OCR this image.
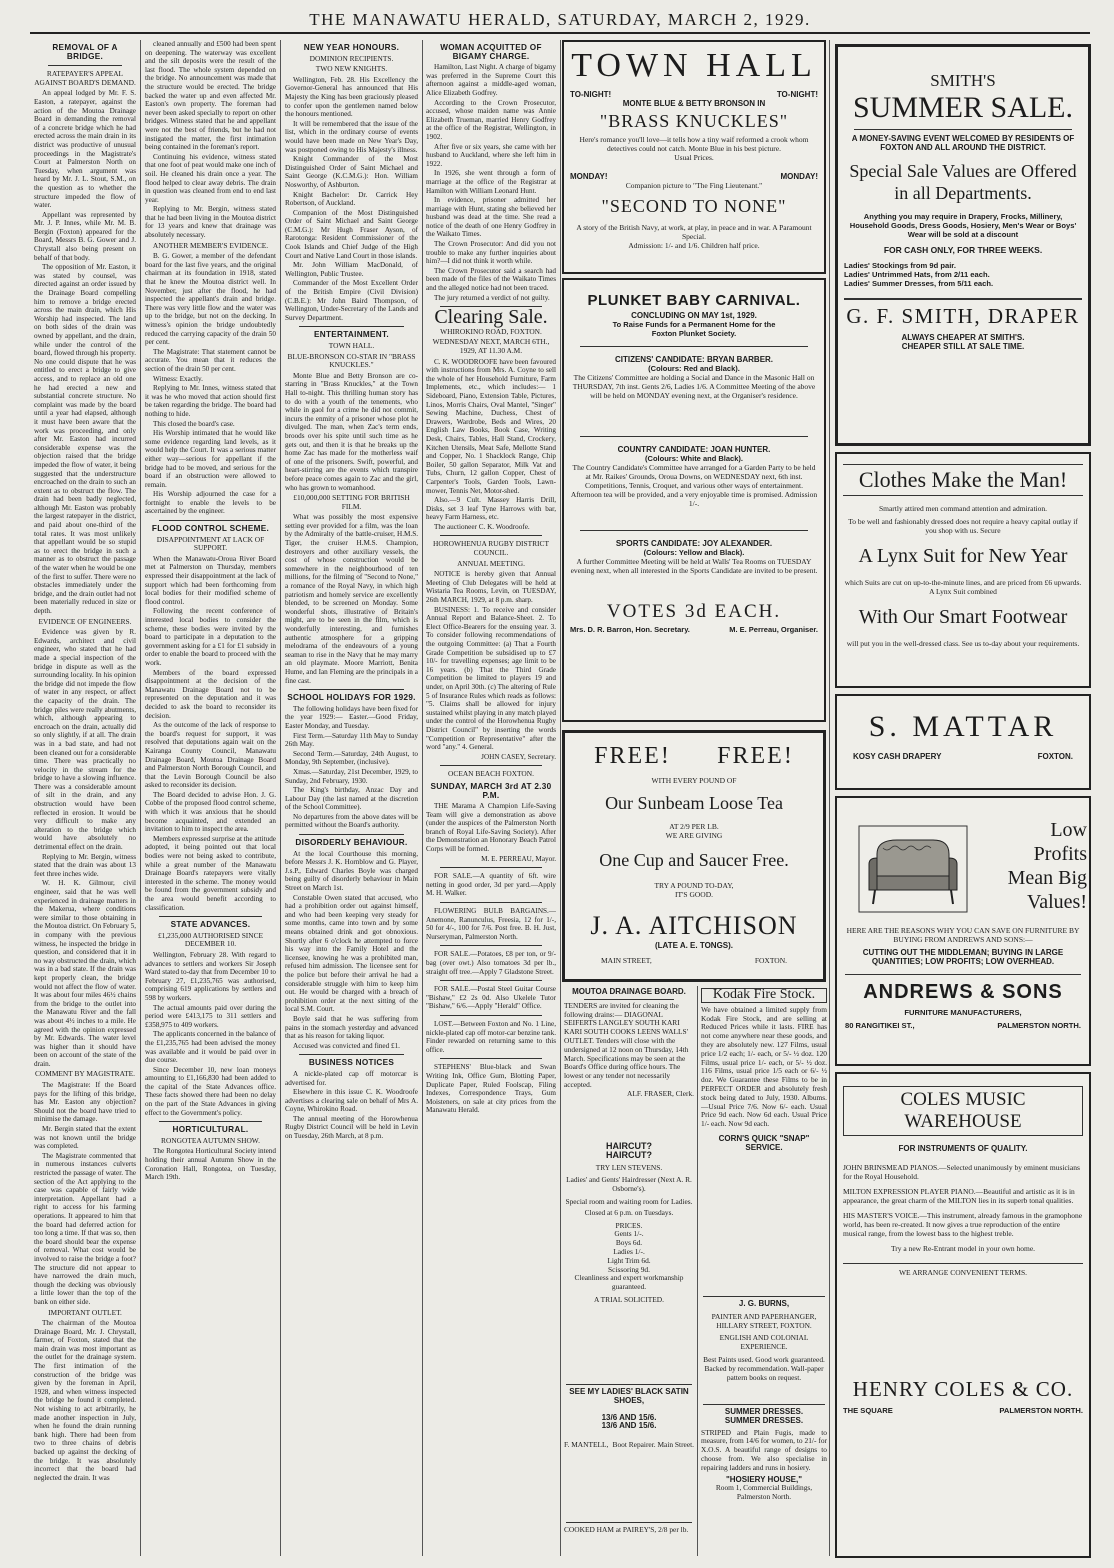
THE MANAWATU HERALD, SATURDAY, MARCH 2, 1929.
REMOVAL OF A BRIDGE.
RATEPAYER'S APPEAL AGAINST BOARD'S DEMAND.

An appeal lodged by Mr. F. S. Easton, a ratepayer, against the action of the Moutoa Drainage Board in demanding the removal of a concrete bridge which he had erected across the main drain in its district was productive of unusual proceedings in the Magistrate's Court at Palmerston North on Tuesday, when argument was heard by Mr. J. L. Stout, S.M., on the question as to whether the structure impeded the flow of water.

Appellant was represented by Mr. J. P. Innes, while Mr. M. B. Bergin (Foxton) appeared for the Board, Messrs B. G. Gower and J. Chrystall also being present on behalf of that body.

The opposition of Mr. Easton, it was stated by counsel, was directed against an order issued by the Drainage Board compelling him to remove a bridge erected across the main drain, which His Worship had inspected. The land on both sides of the drain was owned by appellant, and the drain, while under the control of the board, flowed through his property. No one could dispute that he was entitled to erect a bridge to give access, and to replace an old one he had erected a new and substantial concrete structure. No complaint was made by the board until a year had elapsed, although it must have been aware that the work was proceeding, and only after Mr. Easton had incurred considerable expense was the objection raised that the bridge impeded the flow of water, it being suggested that the understructure encroached on the drain to such an extent as to obstruct the flow. The drain had been badly neglected, although Mr. Easton was probably the largest ratepayer in the district, and paid about one-third of the total rates. It was most unlikely that appellant would be so stupid as to erect the bridge in such a manner as to obstruct the passage of the water when he would be one of the first to suffer. There were no obstacles immediately under the bridge, and the drain outlet had not been materially reduced in size or depth.

EVIDENCE OF ENGINEERS.

Evidence was given by R. Edwards, architect and civil engineer, who stated that he had made a special inspection of the bridge in dispute as well as the surrounding locality. In his opinion the bridge did not impede the flow of water in any respect, or affect the capacity of the drain. The bridge piles were really abutments, which, although appearing to encroach on the drain, actually did so only slightly, if at all. The drain was in a bad state, and had not been cleaned out for a considerable time. There was practically no velocity in the stream for the bridge to have a slowing influence. There was a considerable amount of silt in the drain, and any obstruction would have been reflected in erosion. It would be very difficult to make any alteration to the bridge which would have absolutely no detrimental effect on the drain.

Replying to Mr. Bergin, witness stated that the drain was about 13 feet three inches wide.

W. H. K. Gilmour, civil engineer, said that he was well experienced in drainage matters in the Makerua, where conditions were similar to those obtaining in the Moutoa district. On February 5, in company with the previous witness, he inspected the bridge in question, and considered that it in no way obstructed the drain, which was in a bad state. If the drain was kept properly clean, the bridge would not affect the flow of water. It was about four miles 46½ chains from the bridge to the outlet into the Manawatu River and the fall was about 4½ inches to a mile. He agreed with the opinion expressed by Mr. Edwards. The water level was higher than it should have been on account of the state of the drain.

COMMENT BY MAGISTRATE.

The Magistrate: If the Board pays for the lifting of this bridge, has Mr. Easton any objection? Should not the board have tried to minimise the damage.

Mr. Bergin stated that the extent was not known until the bridge was completed.

The Magistrate commented that in numerous instances culverts restricted the passage of water. The section of the Act applying to the case was capable of fairly wide interpretation. Appellant had a right to access for his farming operations. It appeared to him that the board had deferred action for too long a time. If that was so, then the board should bear the expense of removal. What cost would be involved to raise the bridge a foot? The structure did not appear to have narrowed the drain much, though the decking was obviously a little lower than the top of the bank on either side.

IMPORTANT OUTLET.

The chairman of the Moutoa Drainage Board, Mr. J. Chrystall, farmer, of Foxton, stated that the main drain was most important as the outlet for the drainage system. The first intimation of the construction of the bridge was given by the foreman in April, 1928, and when witness inspected the bridge he found it completed. Not wishing to act arbitrarily, he made another inspection in July, when he found the drain running bank high. There had been from two to three chains of debris backed up against the decking of the bridge. It was absolutely incorrect that the board had neglected the drain. It was

cleaned annually and £500 had been spent on deepening. The waterway was excellent and the silt deposits were the result of the last flood. The whole system depended on the bridge. No announcement was made that the structure would be erected. The bridge backed the water up and even affected Mr. Easton's own property. The foreman had never been asked specially to report on other bridges. Witness stated that he and appellant were not the best of friends, but he had not instigated the matter, the first intimation being contained in the foreman's report.

Continuing his evidence, witness stated that one foot of peat would make one inch of soil. He cleaned his drain once a year. The flood helped to clear away debris. The drain in question was cleaned from end to end last year.

Replying to Mr. Bergin, witness stated that he had been living in the Moutoa district for 13 years and knew that drainage was absolutely necessary.

ANOTHER MEMBER'S EVIDENCE.

B. G. Gower, a member of the defendant board for the last five years, and the original chairman at its foundation in 1918, stated that he knew the Moutoa district well. In November, just after the flood, he had inspected the appellant's drain and bridge. There was very little flow and the water was up to the bridge, but not on the decking. In witness's opinion the bridge undoubtedly reduced the carrying capacity of the drain 50 per cent.

The Magistrate: That statement cannot be accurate. You mean that it reduces the section of the drain 50 per cent.

Witness: Exactly.

Replying to Mr. Innes, witness stated that it was he who moved that action should first be taken regarding the bridge. The board had nothing to hide.

This closed the board's case.

His Worship intimated that he would like some evidence regarding land levels, as it would help the Court. It was a serious matter either way—serious for appellant if the bridge had to be moved, and serious for the board if an obstruction were allowed to remain.

His Worship adjourned the case for a fortnight to enable the levels to be ascertained by the engineer.

FLOOD CONTROL SCHEME.
DISAPPOINTMENT AT LACK OF SUPPORT.

When the Manawatu-Oroua River Board met at Palmerston on Thursday, members expressed their disappointment at the lack of support which had been forthcoming from local bodies for their modified scheme of flood control.

Following the recent conference of interested local bodies to consider the scheme, these bodies were invited by the board to participate in a deputation to the government asking for a £1 for £1 subsidy in order to enable the board to proceed with the work.

Members of the board expressed disappointment at the decision of the Manawatu Drainage Board not to be represented on the deputation and it was decided to ask the board to reconsider its decision.

As the outcome of the lack of response to the board's request for support, it was resolved that deputations again wait on the Kairanga County Council, Manawatu Drainage Board, Moutoa Drainage Board and Palmerston North Borough Council, and that the Levin Borough Council be also asked to reconsider its decision.

The Board decided to advise Hon. J. G. Cobbe of the proposed flood control scheme, with which it was anxious that he should become acquainted, and extended an invitation to him to inspect the area.

Members expressed surprise at the attitude adopted, it being pointed out that local bodies were not being asked to contribute, while a great number of the Manawatu Drainage Board's ratepayers were vitally interested in the scheme. The money would be found from the government subsidy and the area would benefit according to classification.

STATE ADVANCES.
£1,235,000 AUTHORISED SINCE DECEMBER 10.

Wellington, February 28. With regard to advances to settlers and workers Sir Joseph Ward stated to-day that from December 10 to February 27, £1,235,765 was authorised, comprising 619 applications by settlers and 598 by workers.

The actual amounts paid over during the period were £413,175 to 311 settlers and £358,975 to 409 workers.

The applicants concerned in the balance of the £1,235,765 had been advised the money was available and it would be paid over in due course.

Since December 10, new loan moneys amounting to £1,166,830 had been added to the capital of the State Advances office. These facts showed there had been no delay on the part of the State Advances in giving effect to the Government's policy.

HORTICULTURAL.
RONGOTEA AUTUMN SHOW.

The Rongotea Horticultural Society intend holding their annual Autumn Show in the Coronation Hall, Rongotea, on Tuesday, March 19th.

NEW YEAR HONOURS.
DOMINION RECIPIENTS.
TWO NEW KNIGHTS.

Wellington, Feb. 28. His Excellency the Governor-General has announced that His Majesty the King has been graciously pleased to confer upon the gentlemen named below the honours mentioned.

It will be remembered that the issue of the list, which in the ordinary course of events would have been made on New Year's Day, was postponed owing to His Majesty's illness.

Knight Commander of the Most Distinguished Order of Saint Michael and Saint George (K.C.M.G.): Hon. William Nosworthy, of Ashburton.

Knight Bachelor: Dr. Carrick Hey Robertson, of Auckland.

Companion of the Most Distinguished Order of Saint Michael and Saint George (C.M.G.): Mr Hugh Fraser Ayson, of Rarotonga: Resident Commissioner of the Cook Islands and Chief Judge of the High Court and Native Land Court in those islands.

Mr. John William MacDonald, of Wellington, Public Trustee.

Commander of the Most Excellent Order of the British Empire (Civil Division) (C.B.E.): Mr John Baird Thompson, of Wellington, Under-Secretary of the Lands and Survey Department.

ENTERTAINMENT.
TOWN HALL.
BLUE-BRONSON CO-STAR IN "BRASS KNUCKLES."

Monte Blue and Betty Bronson are co-starring in "Brass Knuckles," at the Town Hall to-night. This thrilling human story has to do with a youth of the tenements, who while in gaol for a crime he did not commit, incurs the enmity of a prisoner whose plot he divulged. The man, when Zac's term ends, broods over his spite until such time as he gets out, and then it is that he breaks up the home Zac has made for the motherless waif of one of the prisoners. Swift, powerful, and heart-stirring are the events which transpire before peace comes again to Zac and the girl, who has grown to womanhood.

£10,000,000 SETTING FOR BRITISH FILM.

What was possibly the most expensive setting ever provided for a film, was the loan by the Admiralty of the battle-cruiser, H.M.S. Tiger, the cruiser H.M.S. Champion, destroyers and other auxiliary vessels, the cost of whose construction would be somewhere in the neighbourhood of ten millions, for the filming of "Second to None," a romance of the Royal Navy, in which high patriotism and homely service are excellently blended, to be screened on Monday. Some wonderful shots, illustrative of Britain's might, are to be seen in the film, which is wonderfully interesting, and furnishes authentic atmosphere for a gripping melodrama of the endeavours of a young seaman to rise in the Navy that he may marry an old playmate. Moore Marriott, Benita Hume, and Ian Fleming are the principals in a fine cast.

SCHOOL HOLIDAYS FOR 1929.

The following holidays have been fixed for the year 1929:— Easter.—Good Friday, Easter Monday, and Tuesday.

First Term.—Saturday 11th May to Sunday 26th May.

Second Term.—Saturday, 24th August, to Monday, 9th September, (inclusive).

Xmas.—Saturday, 21st December, 1929, to Sunday, 2nd February, 1930.

The King's birthday, Anzac Day and Labour Day (the last named at the discretion of the School Committee).

No departures from the above dates will be permitted without the Board's authority.

DISORDERLY BEHAVIOUR.

At the local Courthouse this morning, before Messrs J. K. Hornblow and G. Player, J.s.P., Edward Charles Boyle was charged being guilty of disorderly behaviour in Main Street on March 1st.

Constable Owen stated that accused, who had a prohibition order out against himself, and who had been keeping very steady for some months, came into town and by some means obtained drink and got obnoxious. Shortly after 6 o'clock he attempted to force his way into the Family Hotel and the licensee, knowing he was a prohibited man, refused him admission. The licensee sent for the police but before their arrival he had a considerable struggle with him to keep him out. He would be charged with a breach of prohibition order at the next sitting of the local S.M. Court.

Boyle said that he was suffering from pains in the stomach yesterday and advanced that as his reason for taking liquor.

Accused was convicted and fined £1.

BUSINESS NOTICES

A nickle-plated cap off motorcar is advertised for.

Elsewhere in this issue C. K. Woodroofe advertises a clearing sale on behalf of Mrs A. Coyne, Whirokino Road.

The annual meeting of the Horowhenua Rugby District Council will be held in Levin on Tuesday, 26th March, at 8 p.m.

WOMAN ACQUITTED OF BIGAMY CHARGE.

Hamilton, Last Night. A charge of bigamy was preferred in the Supreme Court this afternoon against a middle-aged woman, Alice Elizabeth Godfrey.

According to the Crown Prosecutor, accused, whose maiden name was Annie Elizabeth Trueman, married Henry Godfrey at the office of the Registrar, Wellington, in 1902.

After five or six years, she came with her husband to Auckland, where she left him in 1922.

In 1926, she went through a form of marriage at the office of the Registrar at Hamilton with William Leonard Hunt.

In evidence, prisoner admitted her marriage with Hunt, stating she believed her husband was dead at the time. She read a notice of the death of one Henry Godfrey in the Waikato Times.

The Crown Prosecutor: And did you not trouble to make any further inquiries about him?—I did not think it worth while.

The Crown Prosecutor said a search had been made of the files of the Waikato Times and the alleged notice had not been traced.

The jury returned a verdict of not guilty.

Clearing Sale.
WHIROKINO ROAD, FOXTON.
WEDNESDAY NEXT, MARCH 6TH., 1929, AT 11.30 A.M.

C. K. WOODROOFE have been favoured with instructions from Mrs. A. Coyne to sell the whole of her Household Furniture, Farm Implements, etc., which includes:— 1 Sideboard, Piano, Extension Table, Pictures, Linos, Morris Chairs, Oval Mantel, "Singer" Sewing Machine, Duchess, Chest of Drawers, Wardrobe, Beds and Wires, 20 English Law Books, Book Case, Writing Desk, Chairs, Tables, Hall Stand, Crockery, Kitchen Utensils, Meat Safe, Mellotte Stand and Copper, No. 1 Shacklock Range, Chip Boiler, 50 gallon Separator, Milk Vat and Tubs, Churn, 12 gallon Copper, Chest of Carpenter's Tools, Garden Tools, Lawn-mower, Tennis Net, Motor-shed.

Also.—9 Cult. Massey Harris Drill, Disks, set 3 leaf Tyne Harrows with bar, heavy Farm Harness, etc.

The auctioneer C. K. Woodroofe.

HOROWHENUA RUGBY DISTRICT COUNCIL.
ANNUAL MEETING.

NOTICE is hereby given that Annual Meeting of Club Delegates will be held at Wistaria Tea Rooms, Levin, on TUESDAY, 26th MARCH, 1929, at 8 p.m. sharp.

BUSINESS: 1. To receive and consider Annual Report and Balance-Sheet. 2. To Elect Office-Bearers for the ensuing year. 3. To consider following recommendations of the outgoing Committee: (a) That a Fourth Grade Competition be subsidised up to £7 10/- for travelling expenses; age limit to be 16 years. (b) That the Third Grade Competition be limited to players 19 and under, on April 30th. (c) The altering of Rule 5 of Insurance Rules which reads as follows: "5. Claims shall be allowed for injury sustained whilst playing in any match played under the control of the Horowhenua Rugby District Council" by inserting the words "Competition or Representative" after the word "any." 4. General.

JOHN CASEY, Secretary.

OCEAN BEACH FOXTON.
SUNDAY, MARCH 3rd AT 2.30 P.M.

THE Marama A Champion Life-Saving Team will give a demonstration as above (under the auspices of the Palmerston North branch of Royal Life-Saving Society). After the Demonstration an Honorary Beach Patrol Corps will be formed.

M. E. PERREAU, Mayor.

FOR SALE.—A quantity of 6ft. wire netting in good order, 3d per yard.—Apply M. H. Walker.

FLOWERING BULB BARGAINS.—Anemone, Ranunculus, Freesia, 12 for 1/-, 50 for 4/-, 100 for 7/6. Post free. B. H. Just, Nurseryman, Palmerston North.

FOR SALE.—Potatoes, £8 per ton, or 9/- bag (over owt.) Also tomatoes 3d per lb., straight off tree.—Apply 7 Gladstone Street.

FOR SALE.—Postal Steel Guitar Course "Bishaw," £2 2s 0d. Also Ukelele Tutor "Bishaw," 6/6.—Apply "Herald" Office.

LOST.—Between Foxton and No. 1 Line, nickle-plated cap off motor-car benzine tank. Finder rewarded on returning same to this office.

STEPHENS' Blue-black and Swan Writing Ink, Office Gum, Blotting Paper, Duplicate Paper, Ruled Foolscap, Filing Indexes, Correspondence Trays, Gum Moisteners, on sale at city prices from the Manawatu Herald.

TOWN HALL
TO-NIGHT!	TO-NIGHT!
MONTE BLUE & BETTY BRONSON IN
"BRASS KNUCKLES"
Here's romance you'll love—it tells how a tiny waif reformed a crook whom detectives could not catch. Monte Blue in his best picture.
Usual Prices.
MONDAY!	MONDAY!
Companion picture to "The Fing Lieutenant."
"SECOND TO NONE"
A story of the British Navy, at work, at play, in peace and in war. A Paramount Special.
Admission: 1/- and 1/6. Children half price.
PLUNKET BABY CARNIVAL.
CONCLUDING ON MAY 1st, 1929.
To Raise Funds for a Permanent Home for the Foxton Plunket Society.
CITIZENS' CANDIDATE: BRYAN BARBER.
(Colours: Red and Black).
The Citizens' Committee are holding a Social and Dance in the Masonic Hall on THURSDAY, 7th inst. Gents 2/6, Ladies 1/6. A Committee Meeting of the above will be held on MONDAY evening next, at the Organiser's residence.
COUNTRY CANDIDATE: JOAN HUNTER.
(Colours: White and Black).
The Country Candidate's Committee have arranged for a Garden Party to be held at Mr. Raikes' Grounds, Oroua Downs, on WEDNESDAY next, 6th inst. Competitions, Tennis, Croquet, and various other ways of entertainment. Afternoon tea will be provided, and a very enjoyable time is promised. Admission 1/-.
SPORTS CANDIDATE: JOY ALEXANDER.
(Colours: Yellow and Black).
A further Committee Meeting will be held at Walls' Tea Rooms on TUESDAY evening next, when all interested in the Sports Candidate are invited to be present.
VOTES 3d EACH.
Mrs. D. R. Barron, Hon. Secretary.	M. E. Perreau, Organiser.
FREE! FREE!
WITH EVERY POUND OF
Our Sunbeam Loose Tea
AT 2/9 PER LB.
WE ARE GIVING
One Cup and Saucer Free.
TRY A POUND TO-DAY,
IT'S GOOD.
J. A. AITCHISON
(LATE A. E. TONGS).
MAIN STREET,	FOXTON.
MOUTOA DRAINAGE BOARD.
TENDERS are invited for cleaning the following drains:— DIAGONAL SEIFERTS LANGLEY SOUTH KARI KARI SOUTH COOKS LEENS WALLS' OUTLET. Tenders will close with the undersigned at 12 noon on Thursday, 14th March. Specifications may be seen at the Board's Office during office hours. The lowest or any tender not necessarily accepted.
ALF. FRASER, Clerk.
HAIRCUT?
HAIRCUT?
TRY LEN STEVENS.
Ladies' and Gents' Hairdresser (Next A. R. Osborne's).
Special room and waiting room for Ladies.
Closed at 6 p.m. on Tuesdays.
PRICES.
Gents 1/-.
Boys 6d.
Ladies 1/-.
Light Trim 6d.
Scissoring 9d.
Cleanliness and expert workmanship guaranteed.
A TRIAL SOLICITED.
SEE MY LADIES' BLACK SATIN SHOES,
13/6 AND 15/6.
13/6 AND 15/6.
F. MANTELL, Boot Repairer. Main Street.
COOKED HAM at PAIREY'S, 2/8 per lb.
Kodak Fire Stock.
We have obtained a limited supply from Kodak Fire Stock, and are selling at Reduced Prices while it lasts. FIRE has not come anywhere near these goods, and they are absolutely new. 127 Films, usual price 1/2 each; 1/- each, or 5/- ½ doz. 120 Films, usual price 1/- each, or 5/- ½ doz. 116 Films, usual price 1/5 each or 6/- ½ doz. We Guarantee these Films to be in PERFECT ORDER and absolutely fresh stock being dated to July, 1930. Albums.—Usual Price 7/6. Now 6/- each. Usual Price 9d each. Now 6d each. Usual Price 1/- each. Now 9d each.
CORN'S QUICK "SNAP" SERVICE.
J. G. BURNS,
PAINTER AND PAPERHANGER, HILLARY STREET, FOXTON.
ENGLISH AND COLONIAL EXPERIENCE.
Best Paints used. Good work guaranteed. Backed by recommendation. Wall-paper pattern books on request.
SUMMER DRESSES.
SUMMER DRESSES.
STRIPED and Plain Fugis, made to measure, from 14/6 for women, to 21/- for X.O.S. A beautiful range of designs to choose from. We also specialise in repairing ladders and runs in hosiery.
"HOSIERY HOUSE,"
Room 1, Commercial Buildings, Palmerston North.
SMITH'S
SUMMER SALE.
A MONEY-SAVING EVENT WELCOMED BY RESIDENTS OF FOXTON AND ALL AROUND THE DISTRICT.
Special Sale Values are Offered in all Departments.
Anything you may require in Drapery, Frocks, Millinery, Household Goods, Dress Goods, Hosiery, Men's Wear or Boys' Wear will be sold at a discount
FOR CASH ONLY, FOR THREE WEEKS.
Ladies' Stockings from 9d pair.
Ladies' Untrimmed Hats, from 2/11 each.
Ladies' Summer Dresses, from 5/11 each.
G. F. SMITH, DRAPER
ALWAYS CHEAPER AT SMITH'S.
CHEAPER STILL AT SALE TIME.
Clothes Make the Man!
Smartly attired men command attention and admiration.
To be well and fashionably dressed does not require a heavy capital outlay if you shop with us. Secure
A Lynx Suit for New Year
which Suits are cut on up-to-the-minute lines, and are priced from £6 upwards. A Lynx Suit combined
With Our Smart Footwear
will put you in the well-dressed class. See us to-day about your requirements.
S. MATTAR
KOSY CASH DRAPERY	FOXTON.
Low
Profits
Mean Big
Values!
HERE ARE THE REASONS WHY YOU CAN SAVE ON FURNITURE BY BUYING FROM ANDREWS AND SONS:—
CUTTING OUT THE MIDDLEMAN; BUYING IN LARGE QUANTITIES; LOW PROFITS; LOW OVERHEAD.
ANDREWS & SONS
FURNITURE MANUFACTURERS,
80 RANGITIKEI ST.,	PALMERSTON NORTH.
COLES MUSIC WAREHOUSE
FOR INSTRUMENTS OF QUALITY.
JOHN BRINSMEAD PIANOS.—Selected unanimously by eminent musicians for the Royal Household.
MILTON EXPRESSION PLAYER PIANO.—Beautiful and artistic as it is in appearance, the great charm of the MILTON lies in its superb tonal qualities.
HIS MASTER'S VOICE.—This instrument, already famous in the gramophone world, has been re-created. It now gives a true reproduction of the entire musical range, from the lowest bass to the highest treble.
Try a new Re-Entrant model in your own home.
WE ARRANGE CONVENIENT TERMS.
HENRY COLES & CO.
THE SQUARE	PALMERSTON NORTH.
